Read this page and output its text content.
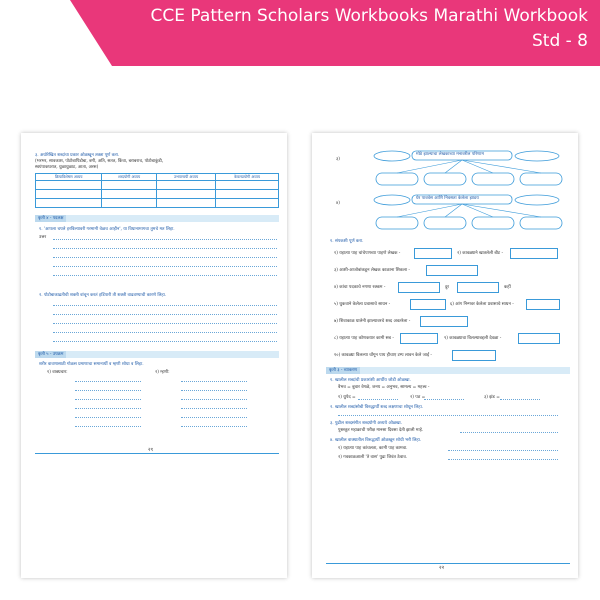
CCE Pattern Scholars Workbooks Marathi Workbook
Std - 8
३. अधोरेखित शब्दांचा प्रकार ओळखून तक्ता पूर्ण करा.
(भरभर, सावकाश, पोटोबापिडोबा, बगी, अति, सतत, किंवा, बराबराच, पोटोबाकुंडी,
स्वयंपाकघरात, धुळाधुळाट, आता, अरस)
क्रियाविशेषण अव्यय	शब्दयोगी अव्यय	उभयान्वयी अव्यय	केवलप्रयोगी अव्यय

कृती ४ - पदलक्ष
१. 'आपला चपले हरविल्यावरी गरमामी वेळच आहीन', या विधानामागचा तुमचे मत लिहा.
उत्तर
२. पोटोबाकाढतीची शक्ती वांचून करतं हडिंपारी ती शक्ती वाढवण्याची कारणे लिहा.
कृती ५ - उपक्रम
शरीर वावणासाठी गोळस प्रमाणाचा समानार्थी व म्हणी शोधा व लिहा.
१) वाक्प्रचार:	२) म्हणी:
२१
३)
मोठे झाल्याचा लेखकाच्या मनावरील परिणाम
४)
घेर पाववेस आणि निवसता केलेला झाडय
१. संपकशी पूर्ण करा.
१) यहात्या पाह चांचेपणच्या पाहणे लेखक -	२) कावळ्याने खातलेली बीट -
३) आशी-आजोबांकडून लेखक काळाना शिकला -
४) कांचा पदकाचे नगणा रक्कम -	दुर	कहीं
५) थुकवाने केलेला प्रवासाचे साधन -	६) आंग निन्गवर केलेला प्रवासाचे साधन -
७) शिवाकाळ घालेनी झाल्यावरचे शब्द अवतरेला -
८) यहात्या पाह कोणकयार कामी सब -	९) कावळ्याचा विलल्याबद्दली देवळा -
१०) कावळ्या विलल्या चोंगून पाय हीचाए टम्प लावन केले जाई -
कृती ३ - व्याकरण
१. खालील शब्दांची प्रकारांशी आर्थीय जोडी ओळखा.
वैभव = बुवार वेगळे, जनय = अनुभव, सामल्य = महत्त्व -
१) धुपेद =	२) पठ =	३) झंड =
२. खालील शब्दांसोबी विरुद्धार्थी शब्द लक्षणाचा शोधून लिहा.
३. पुढील शब्दसंगीत शब्दयोगी अव्यये ओळखा.
पुस्तकूर महाक्राची परीक्ष मानसा दिवसा देती झाली माहे.
४. खालील वाक्यातील विरुद्धार्थी ओळखून शोधी भरी लिहा.
१) यहात्या पाह कांचलता, कामी पाह कामवा.
२) गवकाळआली 'ते वास' पुढा जिवंत ठेवाव.
२२
